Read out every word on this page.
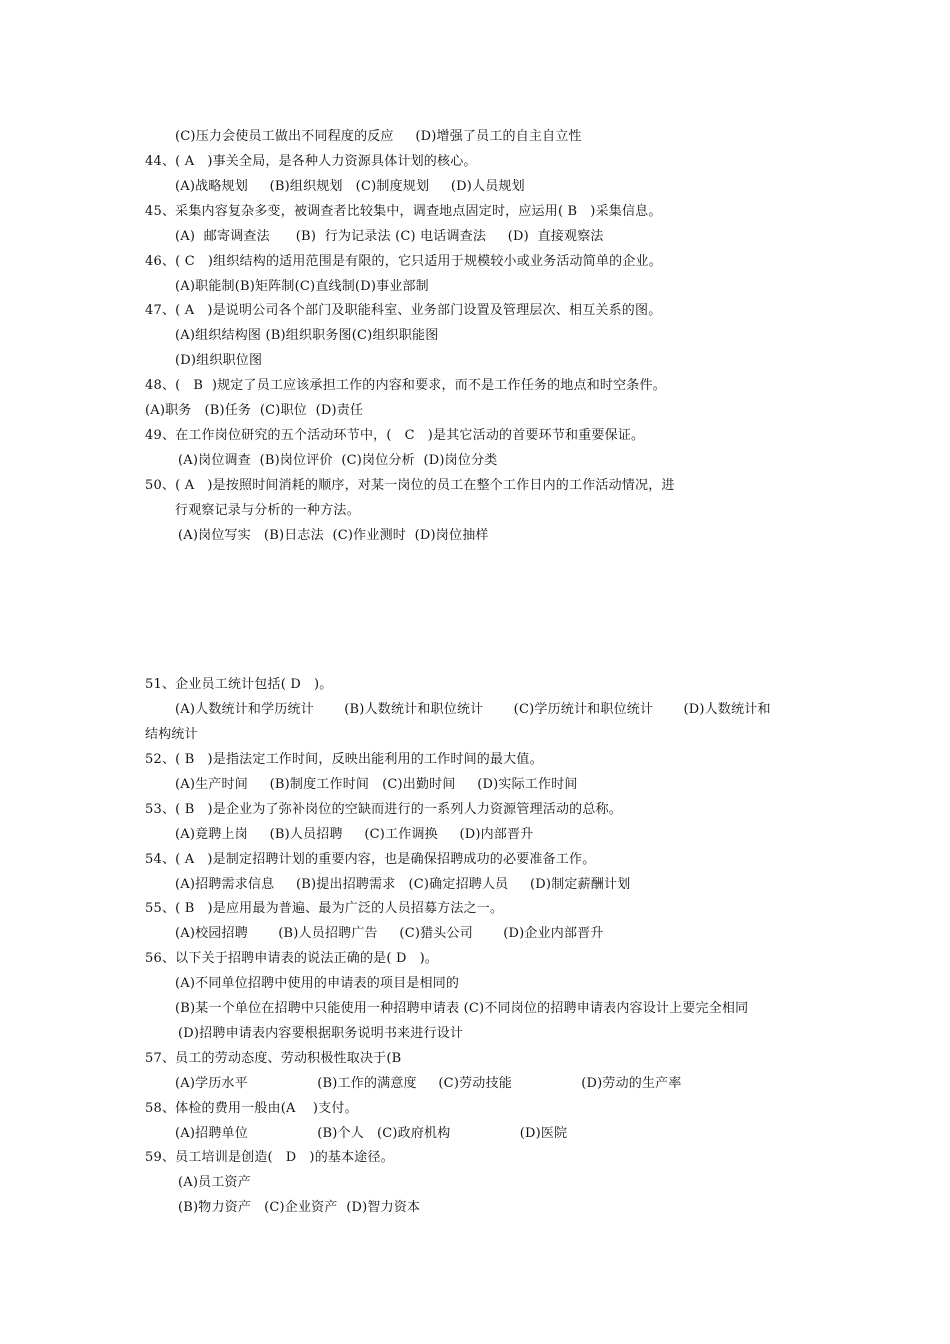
(C)压力会使员工做出不同程度的反应     (D)增强了员工的自主自立性
44、( A   )事关全局，是各种人力资源具体计划的核心。
(A)战略规划     (B)组织规划   (C)制度规划     (D)人员规划
45、采集内容复杂多变，被调查者比较集中，调查地点固定时，应运用( B   )采集信息。
(A)  邮寄调查法      (B)  行为记录法 (C) 电话调查法     (D)  直接观察法
46、( C   )组织结构的适用范围是有限的，它只适用于规模较小或业务活动简单的企业。
(A)职能制(B)矩阵制(C)直线制(D)事业部制
47、( A   )是说明公司各个部门及职能科室、业务部门设置及管理层次、相互关系的图。
(A)组织结构图 (B)组织职务图(C)组织职能图
(D)组织职位图
48、(   B  )规定了员工应该承担工作的内容和要求，而不是工作任务的地点和时空条件。
(A)职务   (B)任务  (C)职位  (D)责任
49、在工作岗位研究的五个活动环节中，(   C   )是其它活动的首要环节和重要保证。
(A)岗位调查  (B)岗位评价  (C)岗位分析  (D)岗位分类
50、( A   )是按照时间消耗的顺序，对某一岗位的员工在整个工作日内的工作活动情况，进
行观察记录与分析的一种方法。
(A)岗位写实   (B)日志法  (C)作业测时  (D)岗位抽样
51、企业员工统计包括( D   )。
(A)人数统计和学历统计       (B)人数统计和职位统计       (C)学历统计和职位统计       (D)人数统计和
结构统计
52、( B   )是指法定工作时间，反映出能利用的工作时间的最大值。
(A)生产时间     (B)制度工作时间   (C)出勤时间     (D)实际工作时间
53、( B   )是企业为了弥补岗位的空缺而进行的一系列人力资源管理活动的总称。
(A)竟聘上岗     (B)人员招聘     (C)工作调换     (D)内部晋升
54、( A   )是制定招聘计划的重要内容，也是确保招聘成功的必要准备工作。
(A)招聘需求信息     (B)提出招聘需求   (C)确定招聘人员     (D)制定薪酬计划
55、( B   )是应用最为普遍、最为广泛的人员招募方法之一。
(A)校园招聘       (B)人员招聘广告     (C)猎头公司       (D)企业内部晋升
56、以下关于招聘申请表的说法正确的是( D   )。
(A)不同单位招聘中使用的申请表的项目是相同的
(B)某一个单位在招聘中只能使用一种招聘申请表 (C)不同岗位的招聘申请表内容设计上要完全相同
(D)招聘申请表内容要根据职务说明书来进行设计
57、员工的劳动态度、劳动积极性取决于(B
(A)学历水平                (B)工作的满意度     (C)劳动技能                (D)劳动的生产率
58、体检的费用一般由(A    )支付。
(A)招聘单位                (B)个人   (C)政府机构                (D)医院
59、员工培训是创造(   D   )的基本途径。
(A)员工资产
(B)物力资产   (C)企业资产  (D)智力资本
